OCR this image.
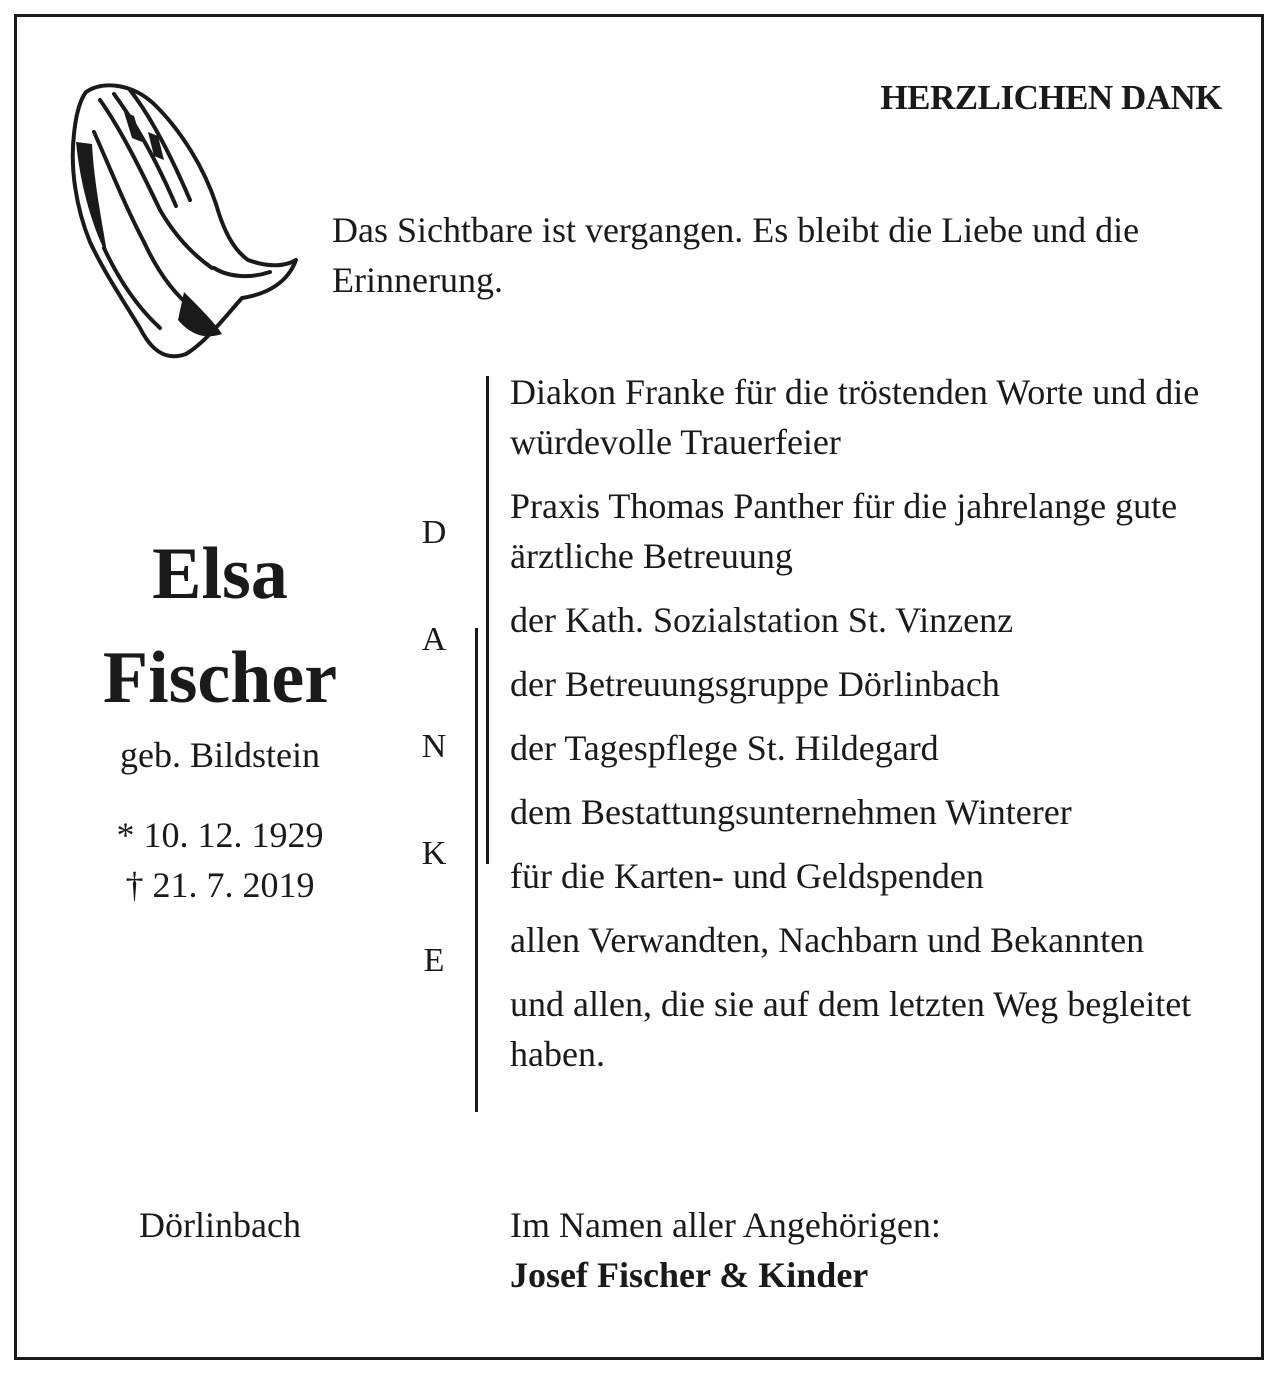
HERZLICHEN DANK
Das Sichtbare ist vergangen. Es bleibt die Liebe und die Erinnerung.
Elsa
Fischer
geb. Bildstein
* 10. 12. 1929
† 21. 7. 2019
Dörlinbach
D
A
N
K
E
Diakon Franke für die tröstenden Worte und die würdevolle Trauerfeier
Praxis Thomas Panther für die jahrelange gute ärztliche Betreuung
der Kath. Sozialstation St. Vinzenz
der Betreuungsgruppe Dörlinbach
der Tagespflege St. Hildegard
dem Bestattungsunternehmen Winterer
für die Karten- und Geldspenden
allen Verwandten, Nachbarn und Bekannten
und allen, die sie auf dem letzten Weg begleitet haben.
Im Namen aller Angehörigen:
Josef Fischer & Kinder
